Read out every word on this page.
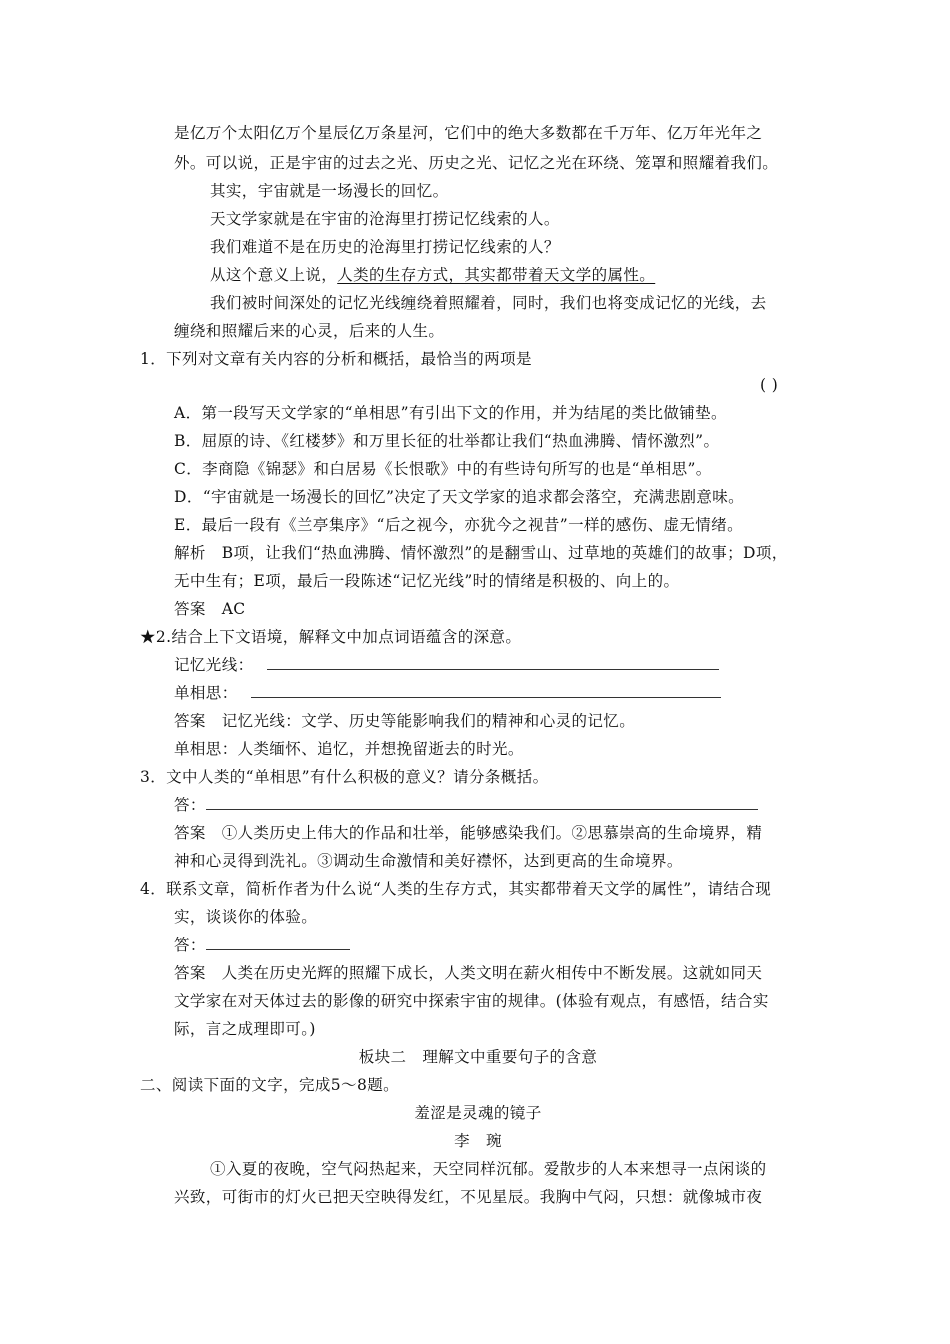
是亿万个太阳亿万个星辰亿万条星河，它们中的绝大多数都在千万年、亿万年光年之
外。可以说，正是宇宙的过去之光、历史之光、记忆之光在环绕、笼罩和照耀着我们。
其实，宇宙就是一场漫长的回忆。
天文学家就是在宇宙的沧海里打捞记忆线索的人。
我们难道不是在历史的沧海里打捞记忆线索的人？
从这个意义上说，人类的生存方式，其实都带着天文学的属性。
我们被时间深处的记忆光线缠绕着照耀着，同时，我们也将变成记忆的光线，去
缠绕和照耀后来的心灵，后来的人生。
1．下列对文章有关内容的分析和概括，最恰当的两项是
( )
A．第一段写天文学家的“单相思”有引出下文的作用，并为结尾的类比做铺垫。
B．屈原的诗、《红楼梦》和万里长征的壮举都让我们“热血沸腾、情怀激烈”。
C．李商隐《锦瑟》和白居易《长恨歌》中的有些诗句所写的也是“单相思”。
D．“宇宙就是一场漫长的回忆”决定了天文学家的追求都会落空，充满悲剧意味。
E．最后一段有《兰亭集序》“后之视今，亦犹今之视昔”一样的感伤、虚无情绪。
解析　B项，让我们“热血沸腾、情怀激烈”的是翻雪山、过草地的英雄们的故事；D项，
无中生有；E项，最后一段陈述“记忆光线”时的情绪是积极的、向上的。
答案　AC
★2.结合上下文语境，解释文中加点词语蕴含的深意。
记忆光线：
单相思：
答案　记忆光线：文学、历史等能影响我们的精神和心灵的记忆。
单相思：人类缅怀、追忆，并想挽留逝去的时光。
3．文中人类的“单相思”有什么积极的意义？请分条概括。
答：
答案　①人类历史上伟大的作品和壮举，能够感染我们。②思慕崇高的生命境界，精
神和心灵得到洗礼。③调动生命激情和美好襟怀，达到更高的生命境界。
4．联系文章，简析作者为什么说“人类的生存方式，其实都带着天文学的属性”，请结合现
实，谈谈你的体验。
答：
答案　人类在历史光辉的照耀下成长，人类文明在薪火相传中不断发展。这就如同天
文学家在对天体过去的影像的研究中探索宇宙的规律。(体验有观点，有感悟，结合实
际，言之成理即可。)
板块二　理解文中重要句子的含意
二、阅读下面的文字，完成5～8题。
羞涩是灵魂的镜子
李　琬
①入夏的夜晚，空气闷热起来，天空同样沉郁。爱散步的人本来想寻一点闲谈的
兴致，可街市的灯火已把天空映得发红，不见星辰。我胸中气闷，只想：就像城市夜
